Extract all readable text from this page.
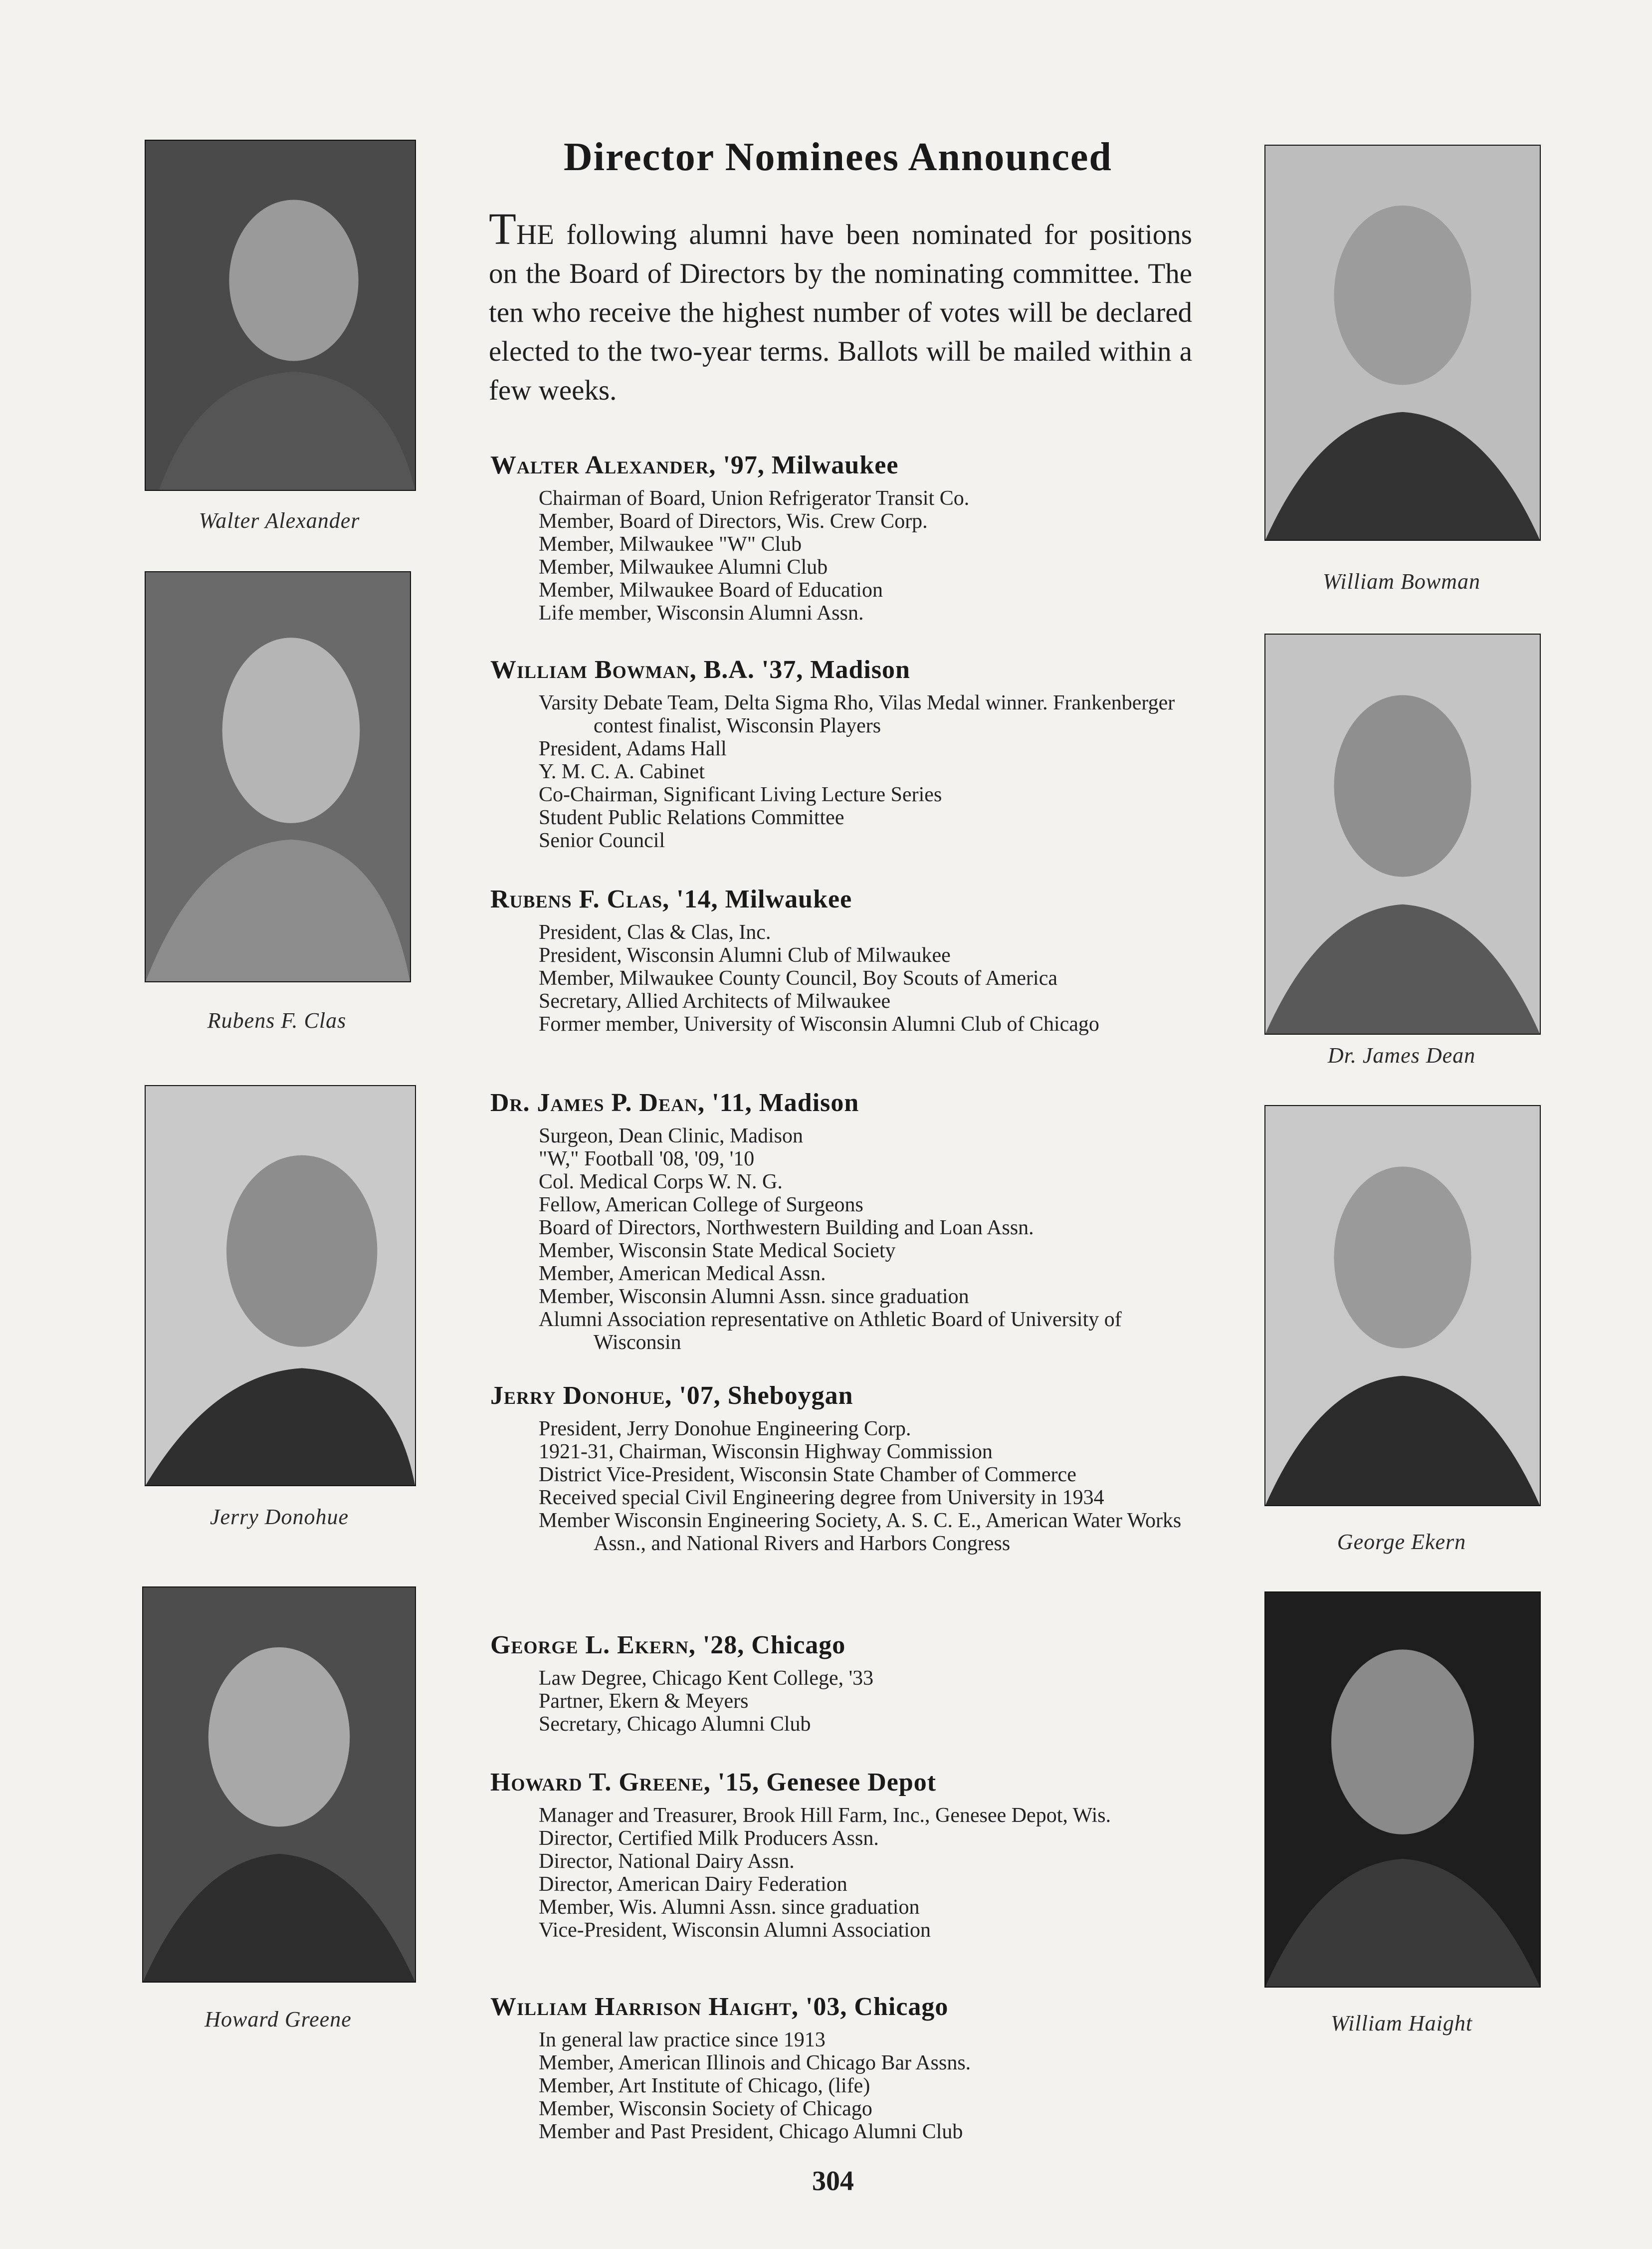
Director Nominees Announced
THE following alumni have been nominated for positions on the Board of Directors by the nominating committee. The ten who receive the highest number of votes will be declared elected to the two-year terms. Ballots will be mailed within a few weeks.
Walter Alexander
Rubens F. Clas
Jerry Donohue
Howard Greene
William Bowman
Dr. James Dean
George Ekern
William Haight
Walter Alexander, '97, Milwaukee
Chairman of Board, Union Refrigerator Transit Co.
Member, Board of Directors, Wis. Crew Corp.
Member, Milwaukee "W" Club
Member, Milwaukee Alumni Club
Member, Milwaukee Board of Education
Life member, Wisconsin Alumni Assn.
William Bowman, B.A. '37, Madison
Varsity Debate Team, Delta Sigma Rho, Vilas Medal winner. Frankenberger contest finalist, Wisconsin Players
President, Adams Hall
Y. M. C. A. Cabinet
Co-Chairman, Significant Living Lecture Series
Student Public Relations Committee
Senior Council
Rubens F. Clas, '14, Milwaukee
President, Clas & Clas, Inc.
President, Wisconsin Alumni Club of Milwaukee
Member, Milwaukee County Council, Boy Scouts of America
Secretary, Allied Architects of Milwaukee
Former member, University of Wisconsin Alumni Club of Chicago
Dr. James P. Dean, '11, Madison
Surgeon, Dean Clinic, Madison
"W," Football '08, '09, '10
Col. Medical Corps W. N. G.
Fellow, American College of Surgeons
Board of Directors, Northwestern Building and Loan Assn.
Member, Wisconsin State Medical Society
Member, American Medical Assn.
Member, Wisconsin Alumni Assn. since graduation
Alumni Association representative on Athletic Board of University of Wisconsin
Jerry Donohue, '07, Sheboygan
President, Jerry Donohue Engineering Corp.
1921-31, Chairman, Wisconsin Highway Commission
District Vice-President, Wisconsin State Chamber of Commerce
Received special Civil Engineering degree from University in 1934
Member Wisconsin Engineering Society, A. S. C. E., American Water Works Assn., and National Rivers and Harbors Congress
George L. Ekern, '28, Chicago
Law Degree, Chicago Kent College, '33
Partner, Ekern & Meyers
Secretary, Chicago Alumni Club
Howard T. Greene, '15, Genesee Depot
Manager and Treasurer, Brook Hill Farm, Inc., Genesee Depot, Wis.
Director, Certified Milk Producers Assn.
Director, National Dairy Assn.
Director, American Dairy Federation
Member, Wis. Alumni Assn. since graduation
Vice-President, Wisconsin Alumni Association
William Harrison Haight, '03, Chicago
In general law practice since 1913
Member, American Illinois and Chicago Bar Assns.
Member, Art Institute of Chicago, (life)
Member, Wisconsin Society of Chicago
Member and Past President, Chicago Alumni Club
304
